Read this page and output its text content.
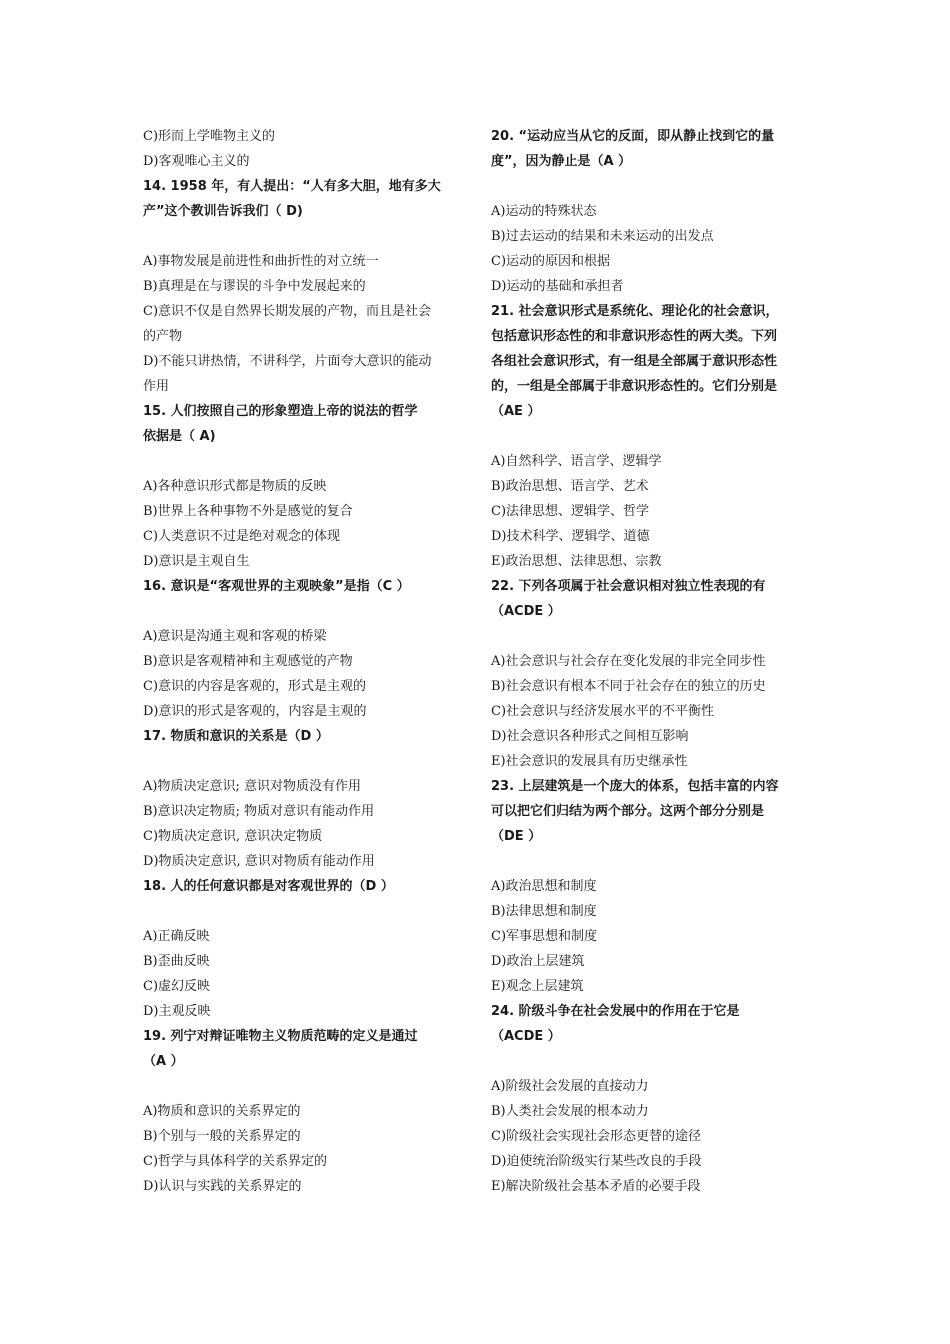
C)形而上学唯物主义的
D)客观唯心主义的
14. 1958 年，有人提出：“人有多大胆，地有多大
产”这个教训告诉我们（ D)
A)事物发展是前进性和曲折性的对立统一
B)真理是在与谬误的斗争中发展起来的
C)意识不仅是自然界长期发展的产物，而且是社会
的产物
D)不能只讲热情，不讲科学，片面夸大意识的能动
作用
15. 人们按照自己的形象塑造上帝的说法的哲学
依据是（ A)
A)各种意识形式都是物质的反映
B)世界上各种事物不外是感觉的复合
C)人类意识不过是绝对观念的体现
D)意识是主观自生
16. 意识是“客观世界的主观映象”是指（C ）
A)意识是沟通主观和客观的桥梁
B)意识是客观精神和主观感觉的产物
C)意识的内容是客观的，形式是主观的
D)意识的形式是客观的，内容是主观的
17. 物质和意识的关系是（D ）
A)物质决定意识; 意识对物质没有作用
B)意识决定物质; 物质对意识有能动作用
C)物质决定意识, 意识决定物质
D)物质决定意识, 意识对物质有能动作用
18. 人的任何意识都是对客观世界的（D ）
A)正确反映
B)歪曲反映
C)虚幻反映
D)主观反映
19. 列宁对辩证唯物主义物质范畴的定义是通过
（A ）
A)物质和意识的关系界定的
B)个别与一般的关系界定的
C)哲学与具体科学的关系界定的
D)认识与实践的关系界定的
20. “运动应当从它的反面，即从静止找到它的量
度”，因为静止是（A ）
A)运动的特殊状态
B)过去运动的结果和未来运动的出发点
C)运动的原因和根据
D)运动的基础和承担者
21. 社会意识形式是系统化、理论化的社会意识，
包括意识形态性的和非意识形态性的两大类。下列
各组社会意识形式，有一组是全部属于意识形态性
的，一组是全部属于非意识形态性的。它们分别是
（AE ）
A)自然科学、语言学、逻辑学
B)政治思想、语言学、艺术
C)法律思想、逻辑学、哲学
D)技术科学、逻辑学、道德
E)政治思想、法律思想、宗教
22. 下列各项属于社会意识相对独立性表现的有
（ACDE ）
A)社会意识与社会存在变化发展的非完全同步性
B)社会意识有根本不同于社会存在的独立的历史
C)社会意识与经济发展水平的不平衡性
D)社会意识各种形式之间相互影响
E)社会意识的发展具有历史继承性
23. 上层建筑是一个庞大的体系，包括丰富的内容
可以把它们归结为两个部分。这两个部分分别是
（DE ）
A)政治思想和制度
B)法律思想和制度
C)军事思想和制度
D)政治上层建筑
E)观念上层建筑
24. 阶级斗争在社会发展中的作用在于它是
（ACDE ）
A)阶级社会发展的直接动力
B)人类社会发展的根本动力
C)阶级社会实现社会形态更替的途径
D)迫使统治阶级实行某些改良的手段
E)解决阶级社会基本矛盾的必要手段
